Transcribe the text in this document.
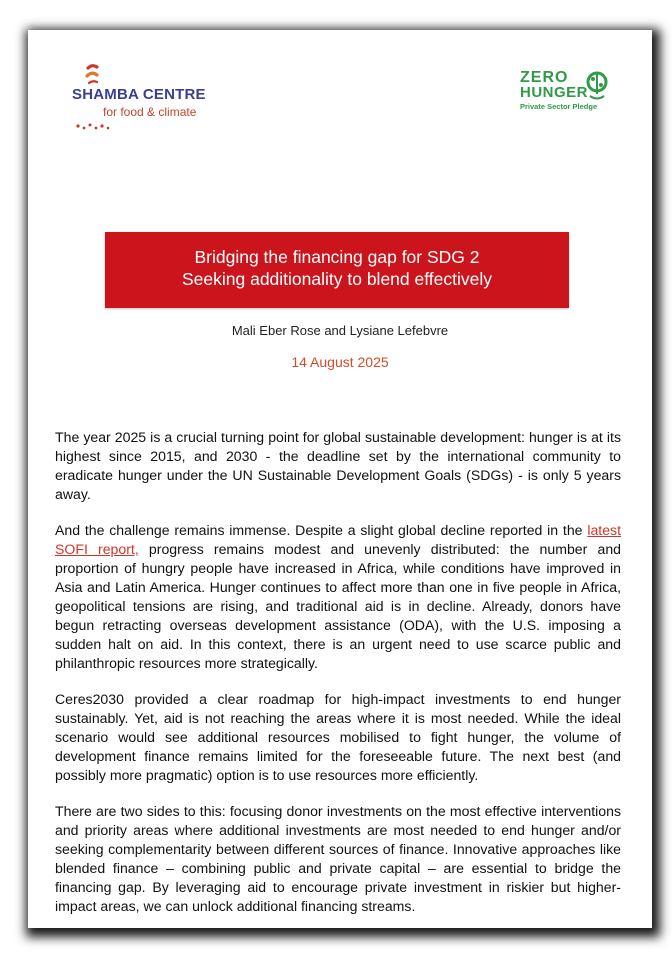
SHAMBA CENTRE
for food & climate
ZERO
HUNGER
Private Sector Pledge
Bridging the financing gap for SDG 2
Seeking additionality to blend effectively
Mali Eber Rose and Lysiane Lefebvre
14 August 2025

The year 2025 is a crucial turning point for global sustainable development: hunger is at its highest since 2015, and 2030 - the deadline set by the international community to eradicate hunger under the UN Sustainable Development Goals (SDGs) - is only 5 years away.

And the challenge remains immense. Despite a slight global decline reported in the latest SOFI report, progress remains modest and unevenly distributed: the number and proportion of hungry people have increased in Africa, while conditions have improved in Asia and Latin America. Hunger continues to affect more than one in five people in Africa, geopolitical tensions are rising, and traditional aid is in decline. Already, donors have begun retracting overseas development assistance (ODA), with the U.S. imposing a sudden halt on aid. In this context, there is an urgent need to use scarce public and philanthropic resources more strategically.

Ceres2030 provided a clear roadmap for high-impact investments to end hunger sustainably. Yet, aid is not reaching the areas where it is most needed. While the ideal scenario would see additional resources mobilised to fight hunger, the volume of development finance remains limited for the foreseeable future. The next best (and possibly more pragmatic) option is to use resources more efficiently.

There are two sides to this: focusing donor investments on the most effective interventions and priority areas where additional investments are most needed to end hunger and/or seeking complementarity between different sources of finance. Innovative approaches like blended finance – combining public and private capital – are essential to bridge the financing gap. By leveraging aid to encourage private investment in riskier but higher-impact areas, we can unlock additional financing streams.
